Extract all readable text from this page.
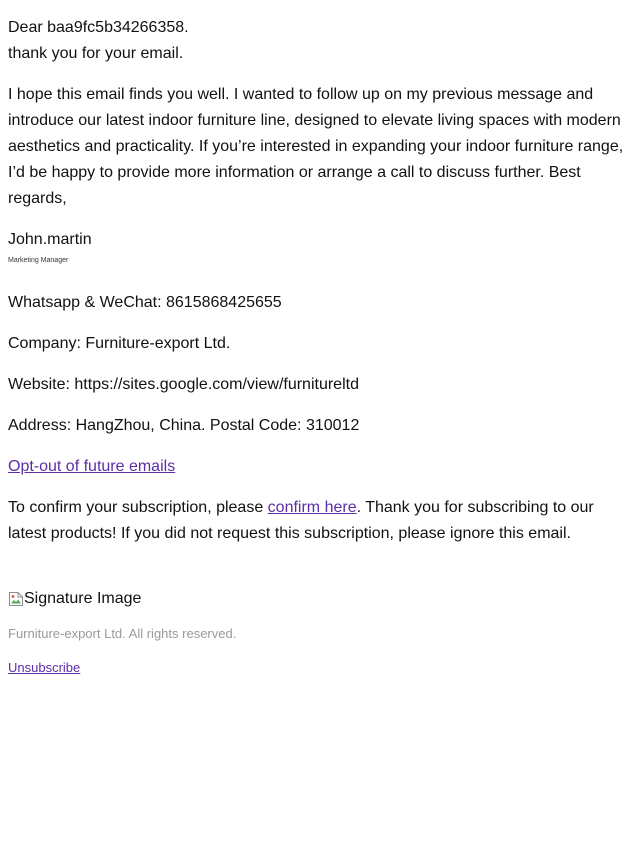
Dear baa9fc5b34266358.

thank you for your email.

I hope this email finds you well. I wanted to follow up on my previous message and introduce our latest indoor furniture line, designed to elevate living spaces with modern aesthetics and practicality. If you’re interested in expanding your indoor furniture range, I’d be happy to provide more information or arrange a call to discuss further. Best regards,

John.martin

Marketing Manager

Whatsapp & WeChat: 8615868425655

Company: Furniture-export Ltd.

Website: https://sites.google.com/view/furnitureltd

Address: HangZhou, China. Postal Code: 310012

Opt-out of future emails

To confirm your subscription, please confirm here. Thank you for subscribing to our latest products! If you did not request this subscription, please ignore this email.

Signature Image
Furniture-export Ltd. All rights reserved.
Unsubscribe
